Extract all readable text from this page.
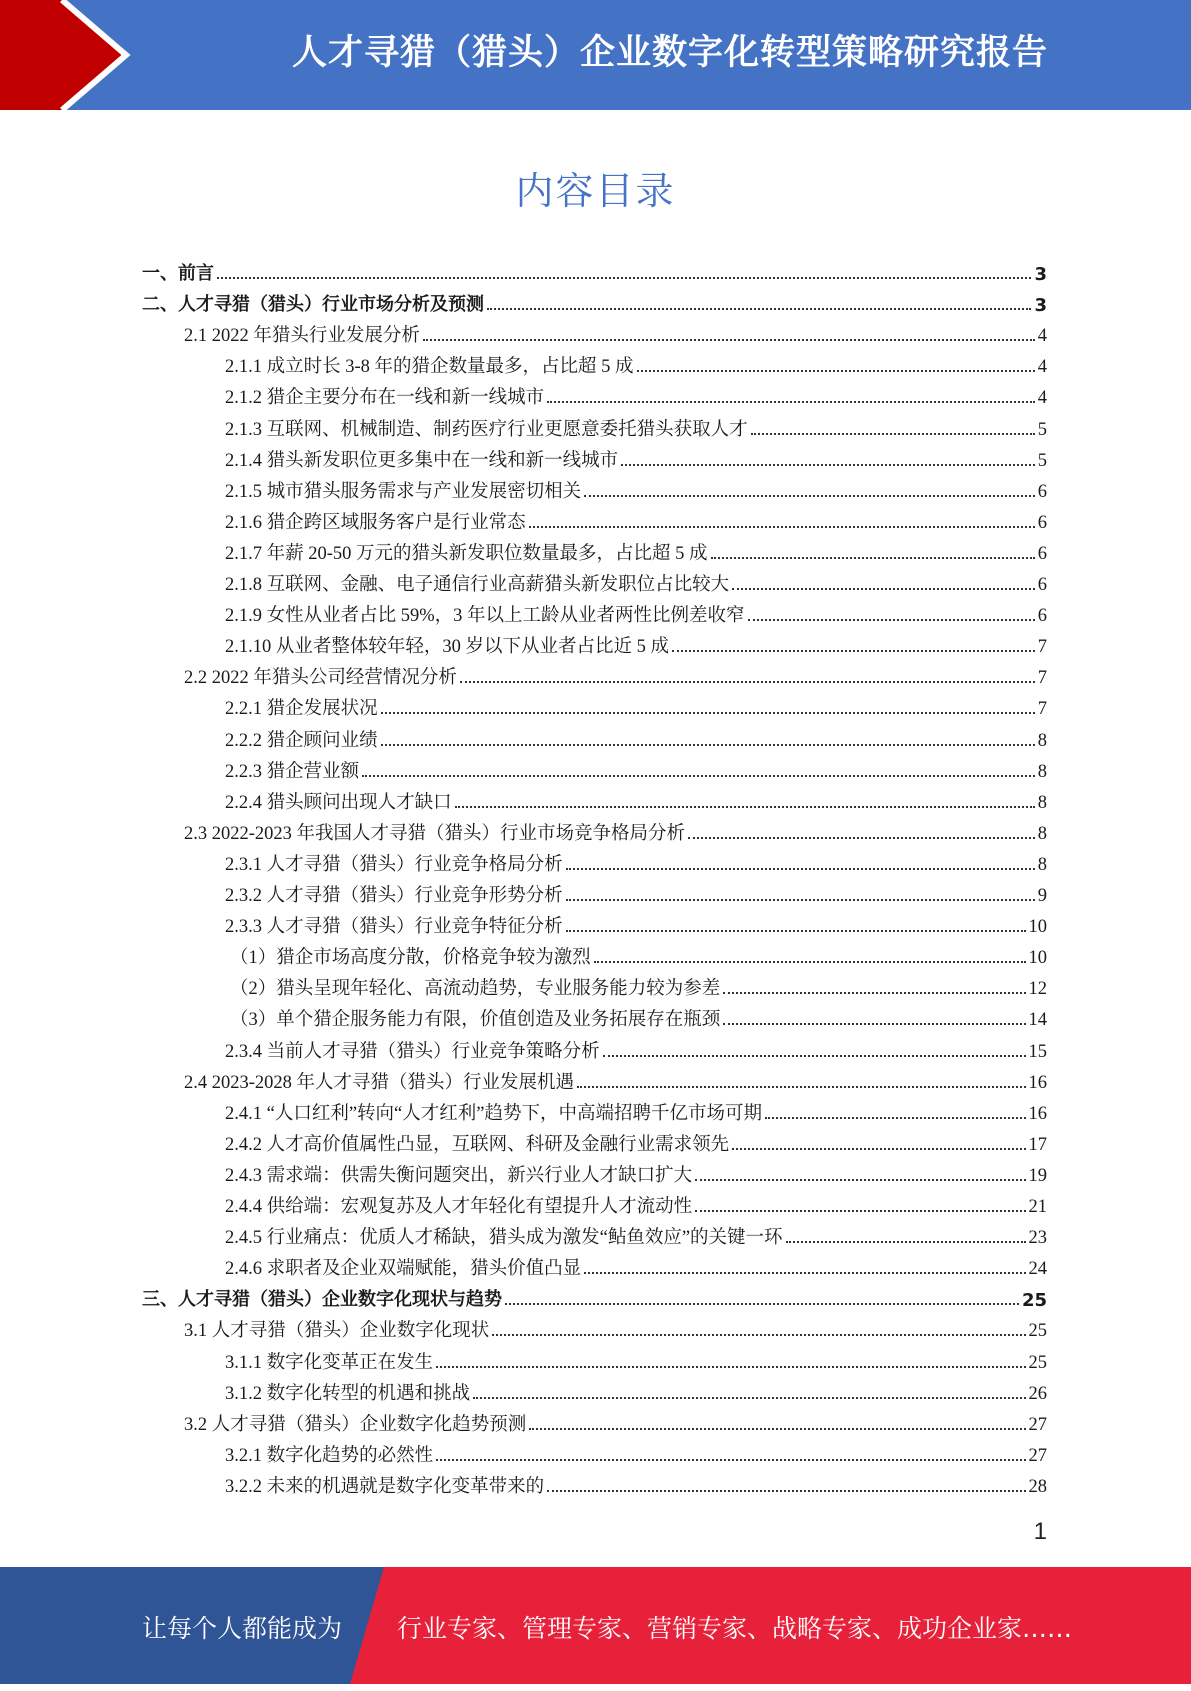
人才寻猎（猎头）企业数字化转型策略研究报告
内容目录
一、前言	3
二、人才寻猎（猎头）行业市场分析及预测	3
2.1 2022 年猎头行业发展分析	4
2.1.1 成立时长 3-8 年的猎企数量最多，占比超 5 成	4
2.1.2 猎企主要分布在一线和新一线城市	4
2.1.3 互联网、机械制造、制药医疗行业更愿意委托猎头获取人才	5
2.1.4 猎头新发职位更多集中在一线和新一线城市	5
2.1.5 城市猎头服务需求与产业发展密切相关	6
2.1.6 猎企跨区域服务客户是行业常态	6
2.1.7 年薪 20-50 万元的猎头新发职位数量最多，占比超 5 成	6
2.1.8 互联网、金融、电子通信行业高薪猎头新发职位占比较大	6
2.1.9 女性从业者占比 59%，3 年以上工龄从业者两性比例差收窄	6
2.1.10 从业者整体较年轻，30 岁以下从业者占比近 5 成	7
2.2 2022 年猎头公司经营情况分析	7
2.2.1 猎企发展状况	7
2.2.2 猎企顾问业绩	8
2.2.3 猎企营业额	8
2.2.4 猎头顾问出现人才缺口	8
2.3 2022-2023 年我国人才寻猎（猎头）行业市场竞争格局分析	8
2.3.1 人才寻猎（猎头）行业竞争格局分析	8
2.3.2 人才寻猎（猎头）行业竞争形势分析	9
2.3.3 人才寻猎（猎头）行业竞争特征分析	10
（1）猎企市场高度分散，价格竞争较为激烈	10
（2）猎头呈现年轻化、高流动趋势，专业服务能力较为参差	12
（3）单个猎企服务能力有限，价值创造及业务拓展存在瓶颈	14
2.3.4 当前人才寻猎（猎头）行业竞争策略分析	15
2.4 2023-2028 年人才寻猎（猎头）行业发展机遇	16
2.4.1 “人口红利”转向“人才红利”趋势下，中高端招聘千亿市场可期	16
2.4.2 人才高价值属性凸显，互联网、科研及金融行业需求领先	17
2.4.3 需求端：供需失衡问题突出，新兴行业人才缺口扩大	19
2.4.4 供给端：宏观复苏及人才年轻化有望提升人才流动性	21
2.4.5 行业痛点：优质人才稀缺，猎头成为激发“鲇鱼效应”的关键一环	23
2.4.6 求职者及企业双端赋能，猎头价值凸显	24
三、人才寻猎（猎头）企业数字化现状与趋势	25
3.1 人才寻猎（猎头）企业数字化现状	25
3.1.1 数字化变革正在发生	25
3.1.2 数字化转型的机遇和挑战	26
3.2 人才寻猎（猎头）企业数字化趋势预测	27
3.2.1 数字化趋势的必然性	27
3.2.2 未来的机遇就是数字化变革带来的	28
1
让每个人都能成为 行业专家、管理专家、营销专家、战略专家、成功企业家……
